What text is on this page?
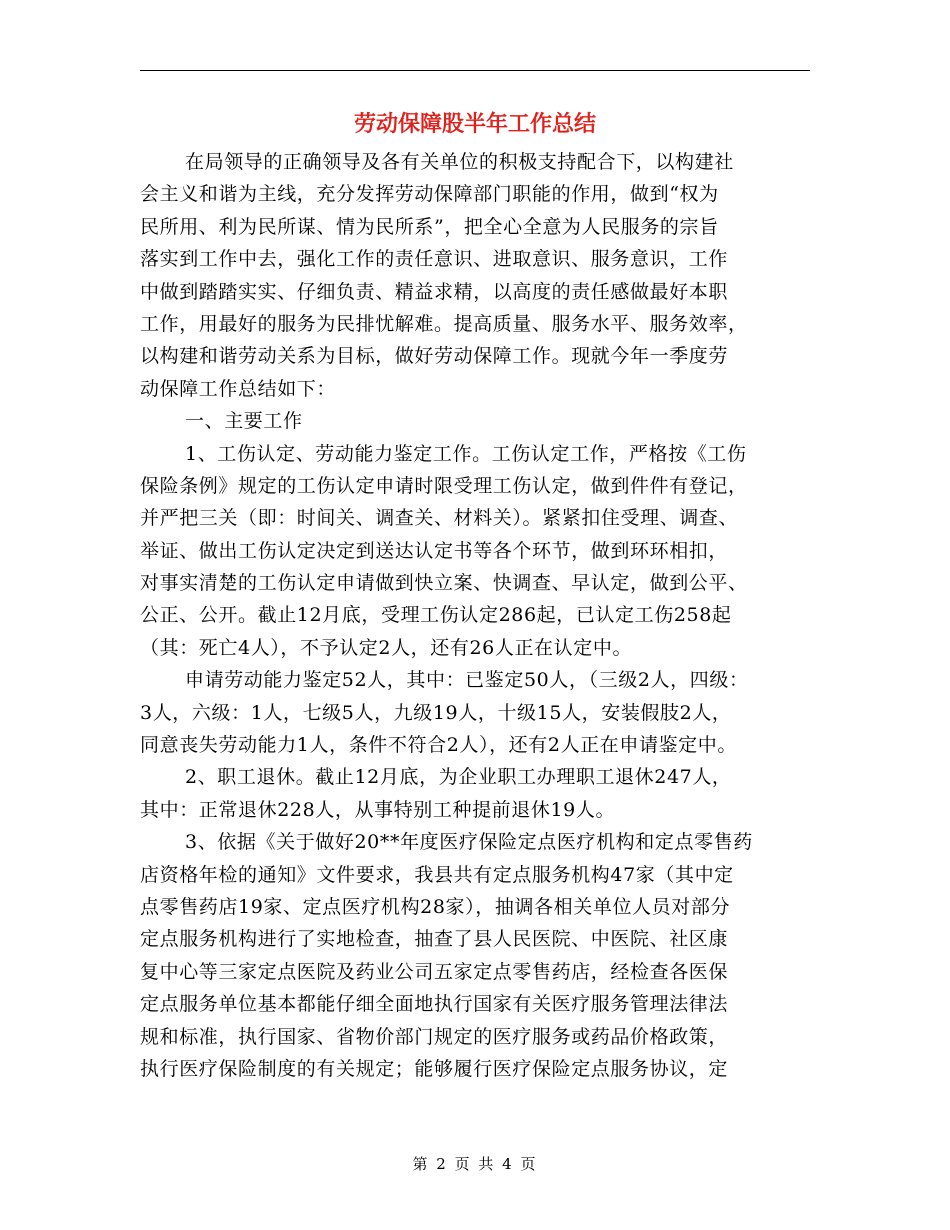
劳动保障股半年工作总结
在局领导的正确领导及各有关单位的积极支持配合下，以构建社
会主义和谐为主线，充分发挥劳动保障部门职能的作用，做到“权为
民所用、利为民所谋、情为民所系”，把全心全意为人民服务的宗旨
落实到工作中去，强化工作的责任意识、进取意识、服务意识，工作
中做到踏踏实实、仔细负责、精益求精，以高度的责任感做最好本职
工作，用最好的服务为民排忧解难。提高质量、服务水平、服务效率，
以构建和谐劳动关系为目标，做好劳动保障工作。现就今年一季度劳
动保障工作总结如下：
一、主要工作
1、工伤认定、劳动能力鉴定工作。工伤认定工作，严格按《工伤
保险条例》规定的工伤认定申请时限受理工伤认定，做到件件有登记，
并严把三关（即：时间关、调查关、材料关）。紧紧扣住受理、调查、
举证、做出工伤认定决定到送达认定书等各个环节，做到环环相扣，
对事实清楚的工伤认定申请做到快立案、快调查、早认定，做到公平、
公正、公开。截止12月底，受理工伤认定286起，已认定工伤258起
（其：死亡4人），不予认定2人，还有26人正在认定中。
申请劳动能力鉴定52人，其中：已鉴定50人，（三级2人，四级：
3人，六级：1人，七级5人，九级19人，十级15人，安装假肢2人，
同意丧失劳动能力1人，条件不符合2人），还有2人正在申请鉴定中。
2、职工退休。截止12月底，为企业职工办理职工退休247人，
其中：正常退休228人，从事特别工种提前退休19人。
3、依据《关于做好20**年度医疗保险定点医疗机构和定点零售药
店资格年检的通知》文件要求，我县共有定点服务机构47家（其中定
点零售药店19家、定点医疗机构28家），抽调各相关单位人员对部分
定点服务机构进行了实地检查，抽查了县人民医院、中医院、社区康
复中心等三家定点医院及药业公司五家定点零售药店，经检查各医保
定点服务单位基本都能仔细全面地执行国家有关医疗服务管理法律法
规和标准，执行国家、省物价部门规定的医疗服务或药品价格政策，
执行医疗保险制度的有关规定；能够履行医疗保险定点服务协议，定
第 2 页 共 4 页
